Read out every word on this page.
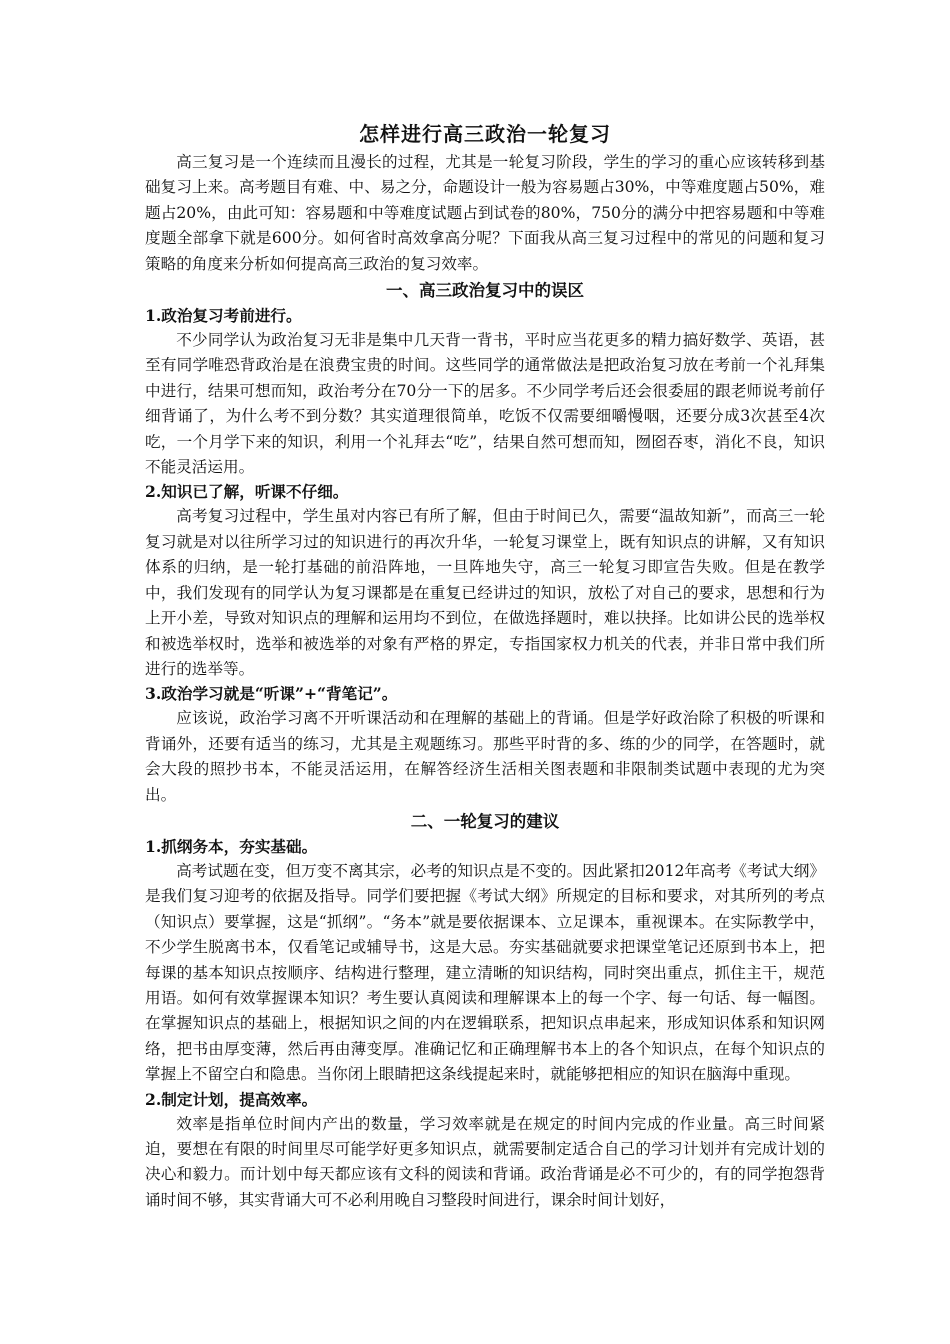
怎样进行高三政治一轮复习

高三复习是一个连续而且漫长的过程，尤其是一轮复习阶段，学生的学习的重心应该转移到基础复习上来。高考题目有难、中、易之分，命题设计一般为容易题占30%，中等难度题占50%，难题占20%，由此可知：容易题和中等难度试题占到试卷的80%，750分的满分中把容易题和中等难度题全部拿下就是600分。如何省时高效拿高分呢？下面我从高三复习过程中的常见的问题和复习策略的角度来分析如何提高高三政治的复习效率。

一、高三政治复习中的误区

1.政治复习考前进行。

不少同学认为政治复习无非是集中几天背一背书，平时应当花更多的精力搞好数学、英语，甚至有同学唯恐背政治是在浪费宝贵的时间。这些同学的通常做法是把政治复习放在考前一个礼拜集中进行，结果可想而知，政治考分在70分一下的居多。不少同学考后还会很委屈的跟老师说考前仔细背诵了，为什么考不到分数？其实道理很简单，吃饭不仅需要细嚼慢咽，还要分成3次甚至4次吃，一个月学下来的知识，利用一个礼拜去“吃”，结果自然可想而知，囫囵吞枣，消化不良，知识不能灵活运用。

2.知识已了解，听课不仔细。

高考复习过程中，学生虽对内容已有所了解，但由于时间已久，需要“温故知新”，而高三一轮复习就是对以往所学习过的知识进行的再次升华，一轮复习课堂上，既有知识点的讲解，又有知识体系的归纳，是一轮打基础的前沿阵地，一旦阵地失守，高三一轮复习即宣告失败。但是在教学中，我们发现有的同学认为复习课都是在重复已经讲过的知识，放松了对自己的要求，思想和行为上开小差，导致对知识点的理解和运用均不到位，在做选择题时，难以抉择。比如讲公民的选举权和被选举权时，选举和被选举的对象有严格的界定，专指国家权力机关的代表，并非日常中我们所进行的选举等。

3.政治学习就是“听课”+“背笔记”。

应该说，政治学习离不开听课活动和在理解的基础上的背诵。但是学好政治除了积极的听课和背诵外，还要有适当的练习，尤其是主观题练习。那些平时背的多、练的少的同学，在答题时，就会大段的照抄书本，不能灵活运用，在解答经济生活相关图表题和非限制类试题中表现的尤为突出。

二、一轮复习的建议

1.抓纲务本，夯实基础。

高考试题在变，但万变不离其宗，必考的知识点是不变的。因此紧扣2012年高考《考试大纲》是我们复习迎考的依据及指导。同学们要把握《考试大纲》所规定的目标和要求，对其所列的考点（知识点）要掌握，这是“抓纲”。“务本”就是要依据课本、立足课本，重视课本。在实际教学中，不少学生脱离书本，仅看笔记或辅导书，这是大忌。夯实基础就要求把课堂笔记还原到书本上，把每课的基本知识点按顺序、结构进行整理，建立清晰的知识结构，同时突出重点，抓住主干，规范用语。如何有效掌握课本知识？考生要认真阅读和理解课本上的每一个字、每一句话、每一幅图。在掌握知识点的基础上，根据知识之间的内在逻辑联系，把知识点串起来，形成知识体系和知识网络，把书由厚变薄，然后再由薄变厚。准确记忆和正确理解书本上的各个知识点，在每个知识点的掌握上不留空白和隐患。当你闭上眼睛把这条线提起来时，就能够把相应的知识在脑海中重现。

2.制定计划，提高效率。

效率是指单位时间内产出的数量，学习效率就是在规定的时间内完成的作业量。高三时间紧迫，要想在有限的时间里尽可能学好更多知识点，就需要制定适合自己的学习计划并有完成计划的决心和毅力。而计划中每天都应该有文科的阅读和背诵。政治背诵是必不可少的，有的同学抱怨背诵时间不够，其实背诵大可不必利用晚自习整段时间进行，课余时间计划好，
